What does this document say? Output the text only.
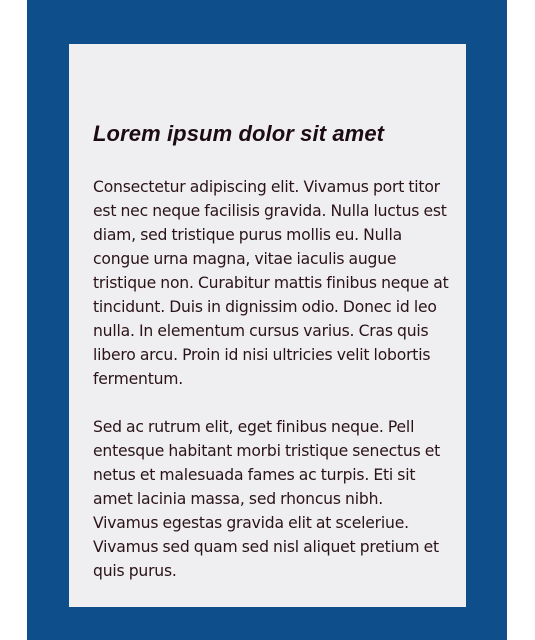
Lorem ipsum dolor sit amet

Consectetur adipiscing elit. Vivamus port titor est nec neque facilisis gravida. Nulla luctus est diam, sed tristique purus mollis eu. Nulla congue urna magna, vitae iaculis augue tristique non. Curabitur mattis finibus neque at tincidunt. Duis in dignissim odio. Donec id leo nulla. In elementum cursus varius. Cras quis libero arcu. Proin id nisi ultricies velit lobortis fermentum.

Sed ac rutrum elit, eget finibus neque. Pell entesque habitant morbi tristique senectus et netus et malesuada fames ac turpis. Eti sit amet lacinia massa, sed rhoncus nibh. Vivamus egestas gravida elit at sceleriue. Vivamus sed quam sed nisl aliquet pretium et quis purus.
